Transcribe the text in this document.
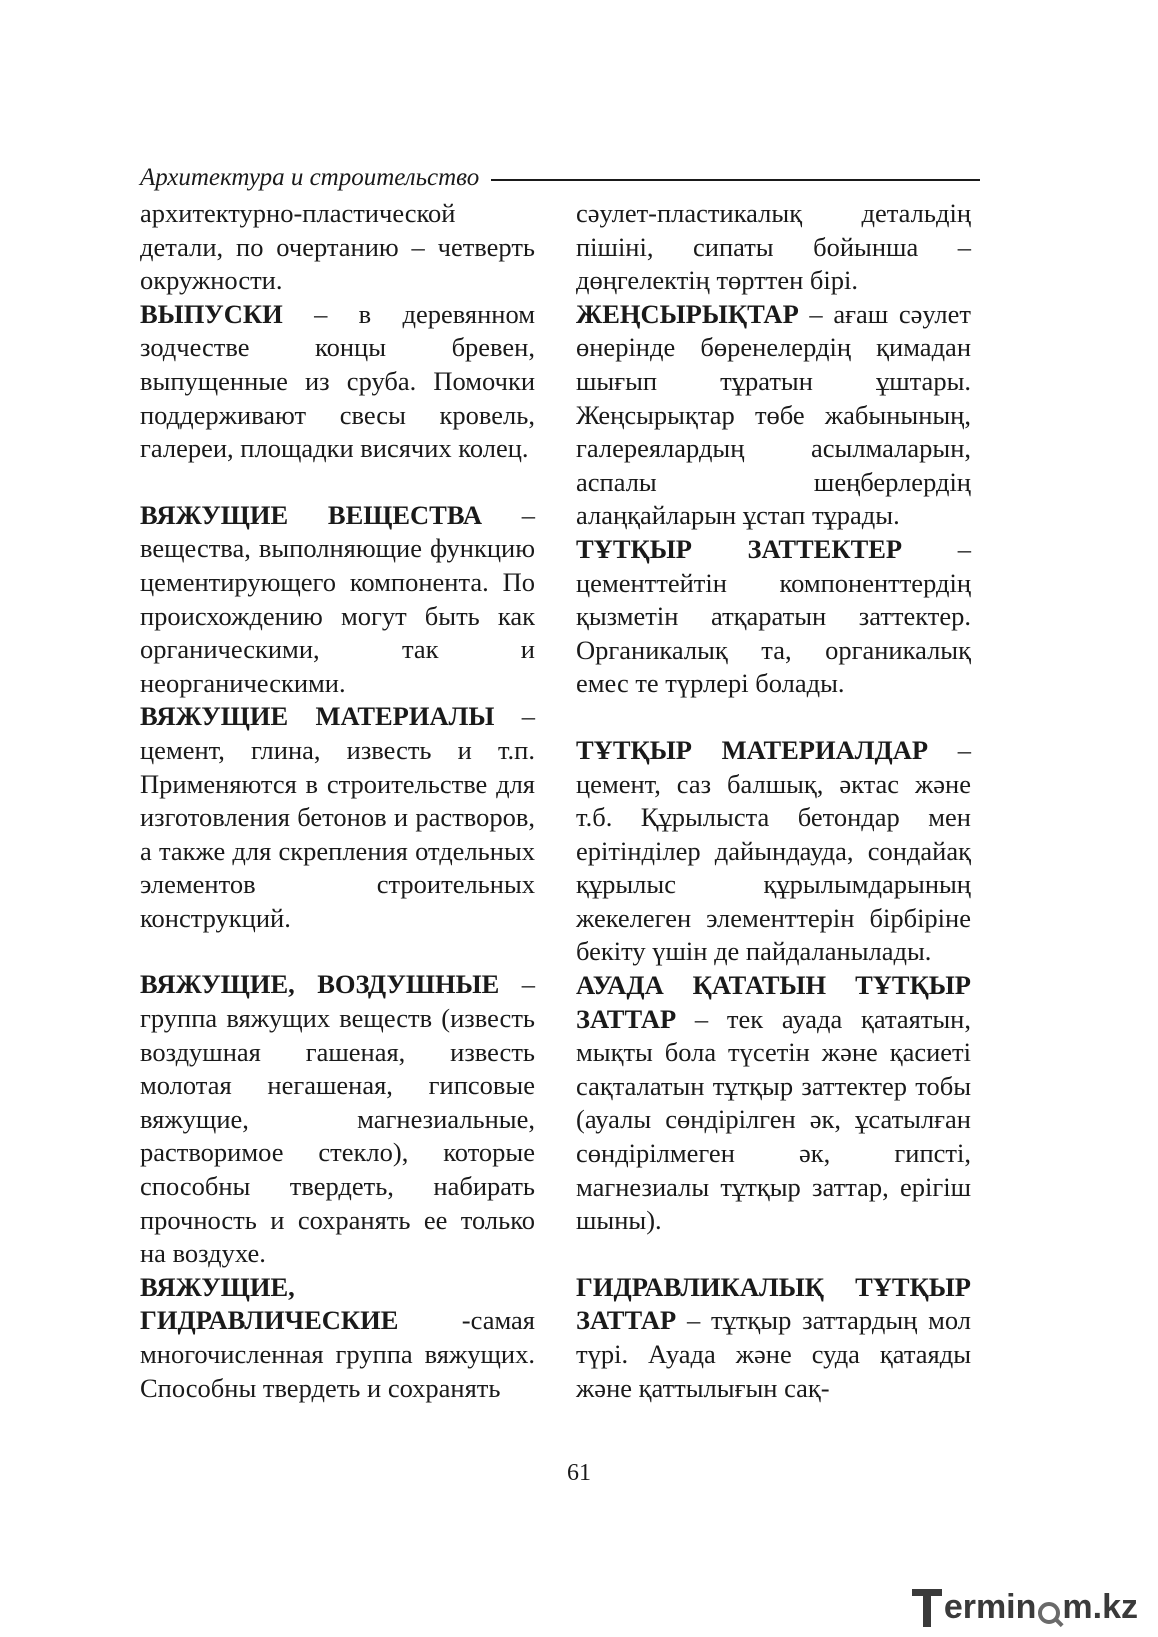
Архитектура и строительство

архитектурно-пластической детали, по очертанию – четверть окружности.

ВЫПУСКИ – в деревянном зодчестве концы бревен, выпущенные из сруба. Помочки поддерживают свесы кровель, галереи, площадки висячих колец.

ВЯЖУЩИЕ ВЕЩЕСТВА – вещества, выполняющие функцию цементирующего компонента. По происхождению могут быть как органическими, так и неорганическими.

ВЯЖУЩИЕ МАТЕРИАЛЫ – цемент, глина, известь и т.п. Применяются в строительстве для изготовления бетонов и растворов, а также для скрепления отдельных элементов строительных конструкций.

ВЯЖУЩИЕ, ВОЗДУШНЫЕ – группа вяжущих веществ (известь воздушная гашеная, известь молотая негашеная, гипсовые вяжущие, магнезиальные, растворимое стекло), которые способны твердеть, набирать прочность и сохранять ее только на воздухе.

ВЯЖУЩИЕ, ГИДРАВЛИЧЕСКИЕ -самая многочисленная группа вяжущих. Способны твердеть и сохранять

сәулет-пластикалық детальдің пішіні, сипаты бойынша – дөңгелектің төрттен бірі.

ЖЕҢСЫРЫҚТАР – ағаш сәулет өнерінде бөренелердің қимадан шығып тұратын ұштары. Жеңсырықтар төбе жабынының, галереялардың асылмаларын, аспалы шеңберлердің алаңқайларын ұстап тұрады.

ТҰТҚЫР ЗАТТЕКТЕР – цементтейтін компоненттердің қызметін атқаратын заттектер. Органикалық та, органикалық емес те түрлері болады.

ТҰТҚЫР МАТЕРИАЛДАР – цемент, саз балшық, әктас және т.б. Құрылыста бетондар мен ерітінділер дайындауда, сондайақ құрылыс құрылымдарының жекелеген элементтерін бірбіріне бекіту үшін де пайдаланылады.

АУАДА ҚАТАТЫН ТҰТҚЫР ЗАТТАР – тек ауада қатаятын, мықты бола түсетін және қасиеті сақталатын тұтқыр заттектер тобы (ауалы сөндірілген әк, ұсатылған сөндірілмеген әк, гипсті, магнезиалы тұтқыр заттар, ерігіш шыны).

ГИДРАВЛИКАЛЫҚ ТҰТҚЫР ЗАТТАР – тұтқыр заттардың мол түрі. Ауада және суда қатаяды және қаттылығын сақ-

61
ermin m.kz
